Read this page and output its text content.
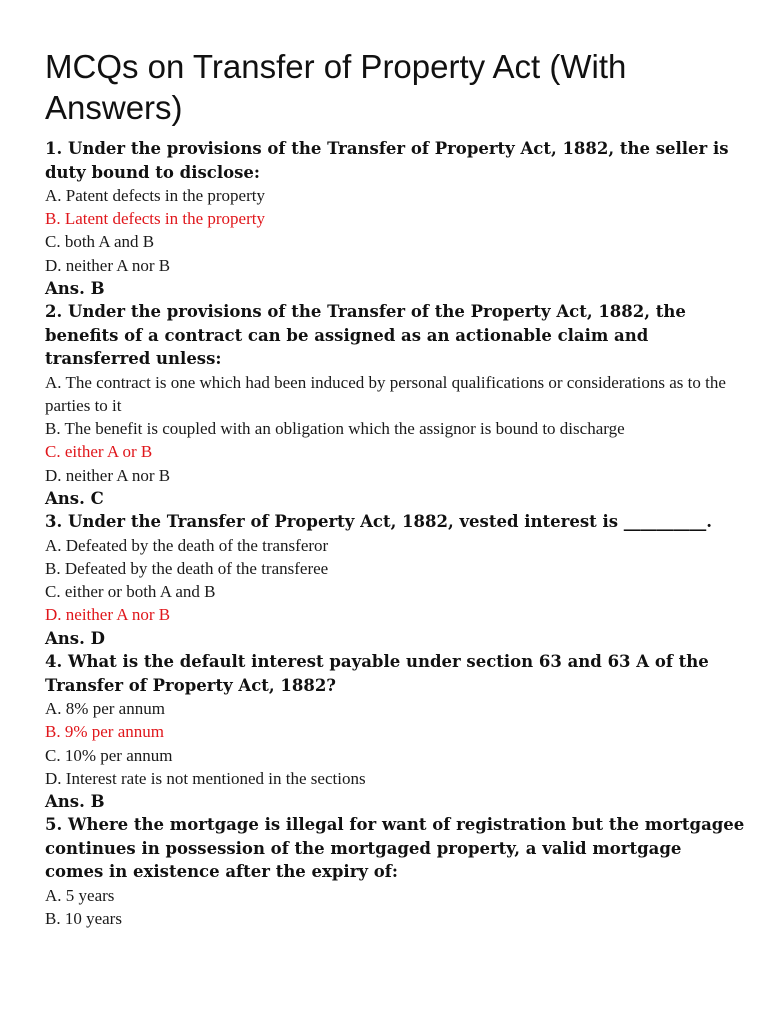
MCQs on Transfer of Property Act (With Answers)

1. Under the provisions of the Transfer of Property Act, 1882, the seller is duty bound to disclose:

A. Patent defects in the property

B. Latent defects in the property

C. both A and B

D. neither A nor B

Ans. B

2. Under the provisions of the Transfer of the Property Act, 1882, the benefits of a contract can be assigned as an actionable claim and transferred unless:

A. The contract is one which had been induced by personal qualifications or considerations as to the parties to it

B. The benefit is coupled with an obligation which the assignor is bound to discharge

C. either A or B

D. neither A nor B

Ans. C

3. Under the Transfer of Property Act, 1882, vested interest is __________.

A. Defeated by the death of the transferor

B. Defeated by the death of the transferee

C. either or both A and B

D. neither A nor B

Ans. D

4. What is the default interest payable under section 63 and 63 A of the Transfer of Property Act, 1882?

A. 8% per annum

B. 9% per annum

C. 10% per annum

D. Interest rate is not mentioned in the sections

Ans. B

5. Where the mortgage is illegal for want of registration but the mortgagee continues in possession of the mortgaged property, a valid mortgage comes in existence after the expiry of:

A. 5 years

B. 10 years
